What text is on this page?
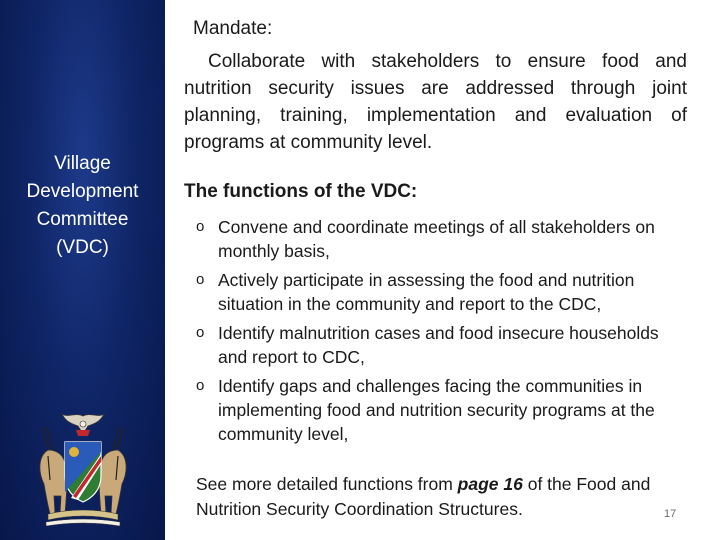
Village
Development
Committee
(VDC)
Mandate:
Collaborate with stakeholders to ensure food and nutrition security issues are addressed through joint planning, training, implementation and evaluation of programs at community level.
The functions of the VDC:
o Convene and coordinate meetings of all stakeholders on monthly basis,
o Actively participate in assessing the food and nutrition situation in the community and report to the CDC,
o Identify malnutrition cases and food insecure households and report to CDC,
o Identify gaps and challenges facing the communities in implementing food and nutrition security programs at the community level,
See more detailed functions from page 16 of the Food and Nutrition Security Coordination Structures.	17
